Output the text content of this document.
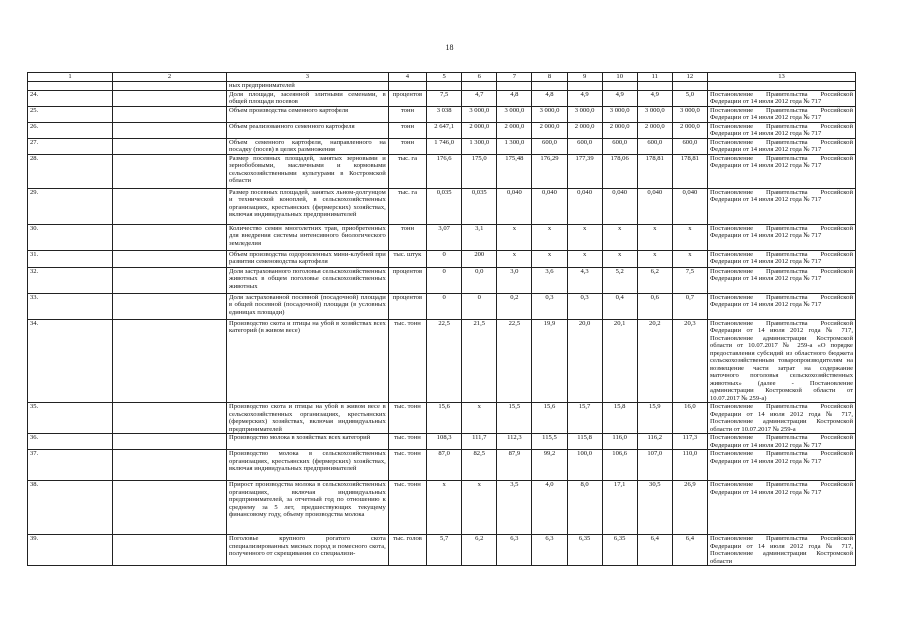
18
1	2	3	4	5	6	7	8	9	10	11	12	13
		ных предпринимателей										
24.		Доля площади, засеянной элитными семенами, в общей площади посевов	процентов	7,5	4,7	4,8	4,8	4,9	4,9	4,9	5,0	Постановление Правительства Российской Федерации от 14 июля 2012 года № 717
25.		Объем производства семенного картофеля	тонн	3 038	3 000,0	3 000,0	3 000,0	3 000,0	3 000,0	3 000,0	3 000,0	Постановление Правительства Российской Федерации от 14 июля 2012 года № 717
26.		Объем реализованного семенного картофеля	тонн	2 647,1	2 000,0	2 000,0	2 000,0	2 000,0	2 000,0	2 000,0	2 000,0	Постановление Правительства Российской Федерации от 14 июля 2012 года № 717
27.		Объем семенного картофеля, направленного на посадку (посев) в целях размножения	тонн	1 746,0	1 300,0	1 300,0	600,0	600,0	600,0	600,0	600,0	Постановление Правительства Российской Федерации от 14 июля 2012 года № 717
28.		Размер посевных площадей, занятых зерновыми и зернобобовыми, масличными и кормовыми сельскохозяйственными культурами в Костромской области	тыс. га	176,6	175,0	175,48	176,29	177,39	178,06	178,81	178,81	Постановление Правительства Российской Федерации от 14 июля 2012 года № 717
29.		Размер посевных площадей, занятых льном-долгунцом и технической коноплей, в сельскохозяйственных организациях, крестьянских (фермерских) хозяйствах, включая индивидуальных предпринимателей	тыс. га	0,035	0,035	0,040	0,040	0,040	0,040	0,040	0,040	Постановление Правительства Российской Федерации от 14 июля 2012 года № 717
30.		Количество семян многолетних трав, приобретенных для внедрения системы интенсивного биологического земледелия	тонн	3,07	3,1	x	x	x	x	x	x	Постановление Правительства Российской Федерации от 14 июля 2012 года № 717
31.		Объем производства оздоровленных мини-клубней при развитии семеноводства картофеля	тыс. штук	0	200	x	x	x	x	x	x	Постановление Правительства Российской Федерации от 14 июля 2012 года № 717
32.		Доля застрахованного поголовья сельскохозяйственных животных в общем поголовье сельскохозяйственных животных	процентов	0	0,0	3,0	3,6	4,3	5,2	6,2	7,5	Постановление Правительства Российской Федерации от 14 июля 2012 года № 717
33.		Доля застрахованной посевной (посадочной) площади в общей посевной (посадочной) площади (в условных единицах площади)	процентов	0	0	0,2	0,3	0,3	0,4	0,6	0,7	Постановление Правительства Российской Федерации от 14 июля 2012 года № 717
34.		Производство скота и птицы на убой в хозяйствах всех категорий (в живом весе)	тыс. тонн	22,5	21,5	22,5	19,9	20,0	20,1	20,2	20,3	Постановление Правительства Российской Федерации от 14 июля 2012 года № 717, Постановление администрации Костромской области от 10.07.2017 № 259-а «О порядке предоставления субсидий из областного бюджета сельскохозяйственным товаропроизводителям на возмещение части затрат на содержание маточного поголовья сельскохозяйственных животных» (далее - Постановление администрации Костромской области от 10.07.2017 № 259-а)
35.		Производство скота и птицы на убой в живом весе в сельскохозяйственных организациях, крестьянских (фермерских) хозяйствах, включая индивидуальных предпринимателей	тыс. тонн	15,6	x	15,5	15,6	15,7	15,8	15,9	16,0	Постановление Правительства Российской Федерации от 14 июля 2012 года № 717, Постановление администрации Костромской области от 10.07.2017 № 259-а
36.		Производство молока в хозяйствах всех категорий	тыс. тонн	108,3	111,7	112,3	115,5	115,8	116,0	116,2	117,3	Постановление Правительства Российской Федерации от 14 июля 2012 года № 717
37.		Производство молока в сельскохозяйственных организациях, крестьянских (фермерских) хозяйствах, включая индивидуальных предпринимателей	тыс. тонн	87,0	82,5	87,9	99,2	100,0	106,6	107,0	110,0	Постановление Правительства Российской Федерации от 14 июля 2012 года № 717
38.		Прирост производства молока в сельскохозяйственных организациях, включая индивидуальных предпринимателей, за отчетный год по отношению к среднему за 5 лет, предшествующих текущему финансовому году, объему производства молока	тыс. тонн	x	x	3,5	4,0	8,0	17,1	30,5	26,9	Постановление Правительства Российской Федерации от 14 июля 2012 года № 717
39.		Поголовье крупного рогатого скота специализированных мясных пород и помесного скота, полученного от скрещивания со специализи-	тыс. голов	5,7	6,2	6,3	6,3	6,35	6,35	6,4	6,4	Постановление Правительства Российской Федерации от 14 июля 2012 года № 717, Постановление администрации Костромской области
